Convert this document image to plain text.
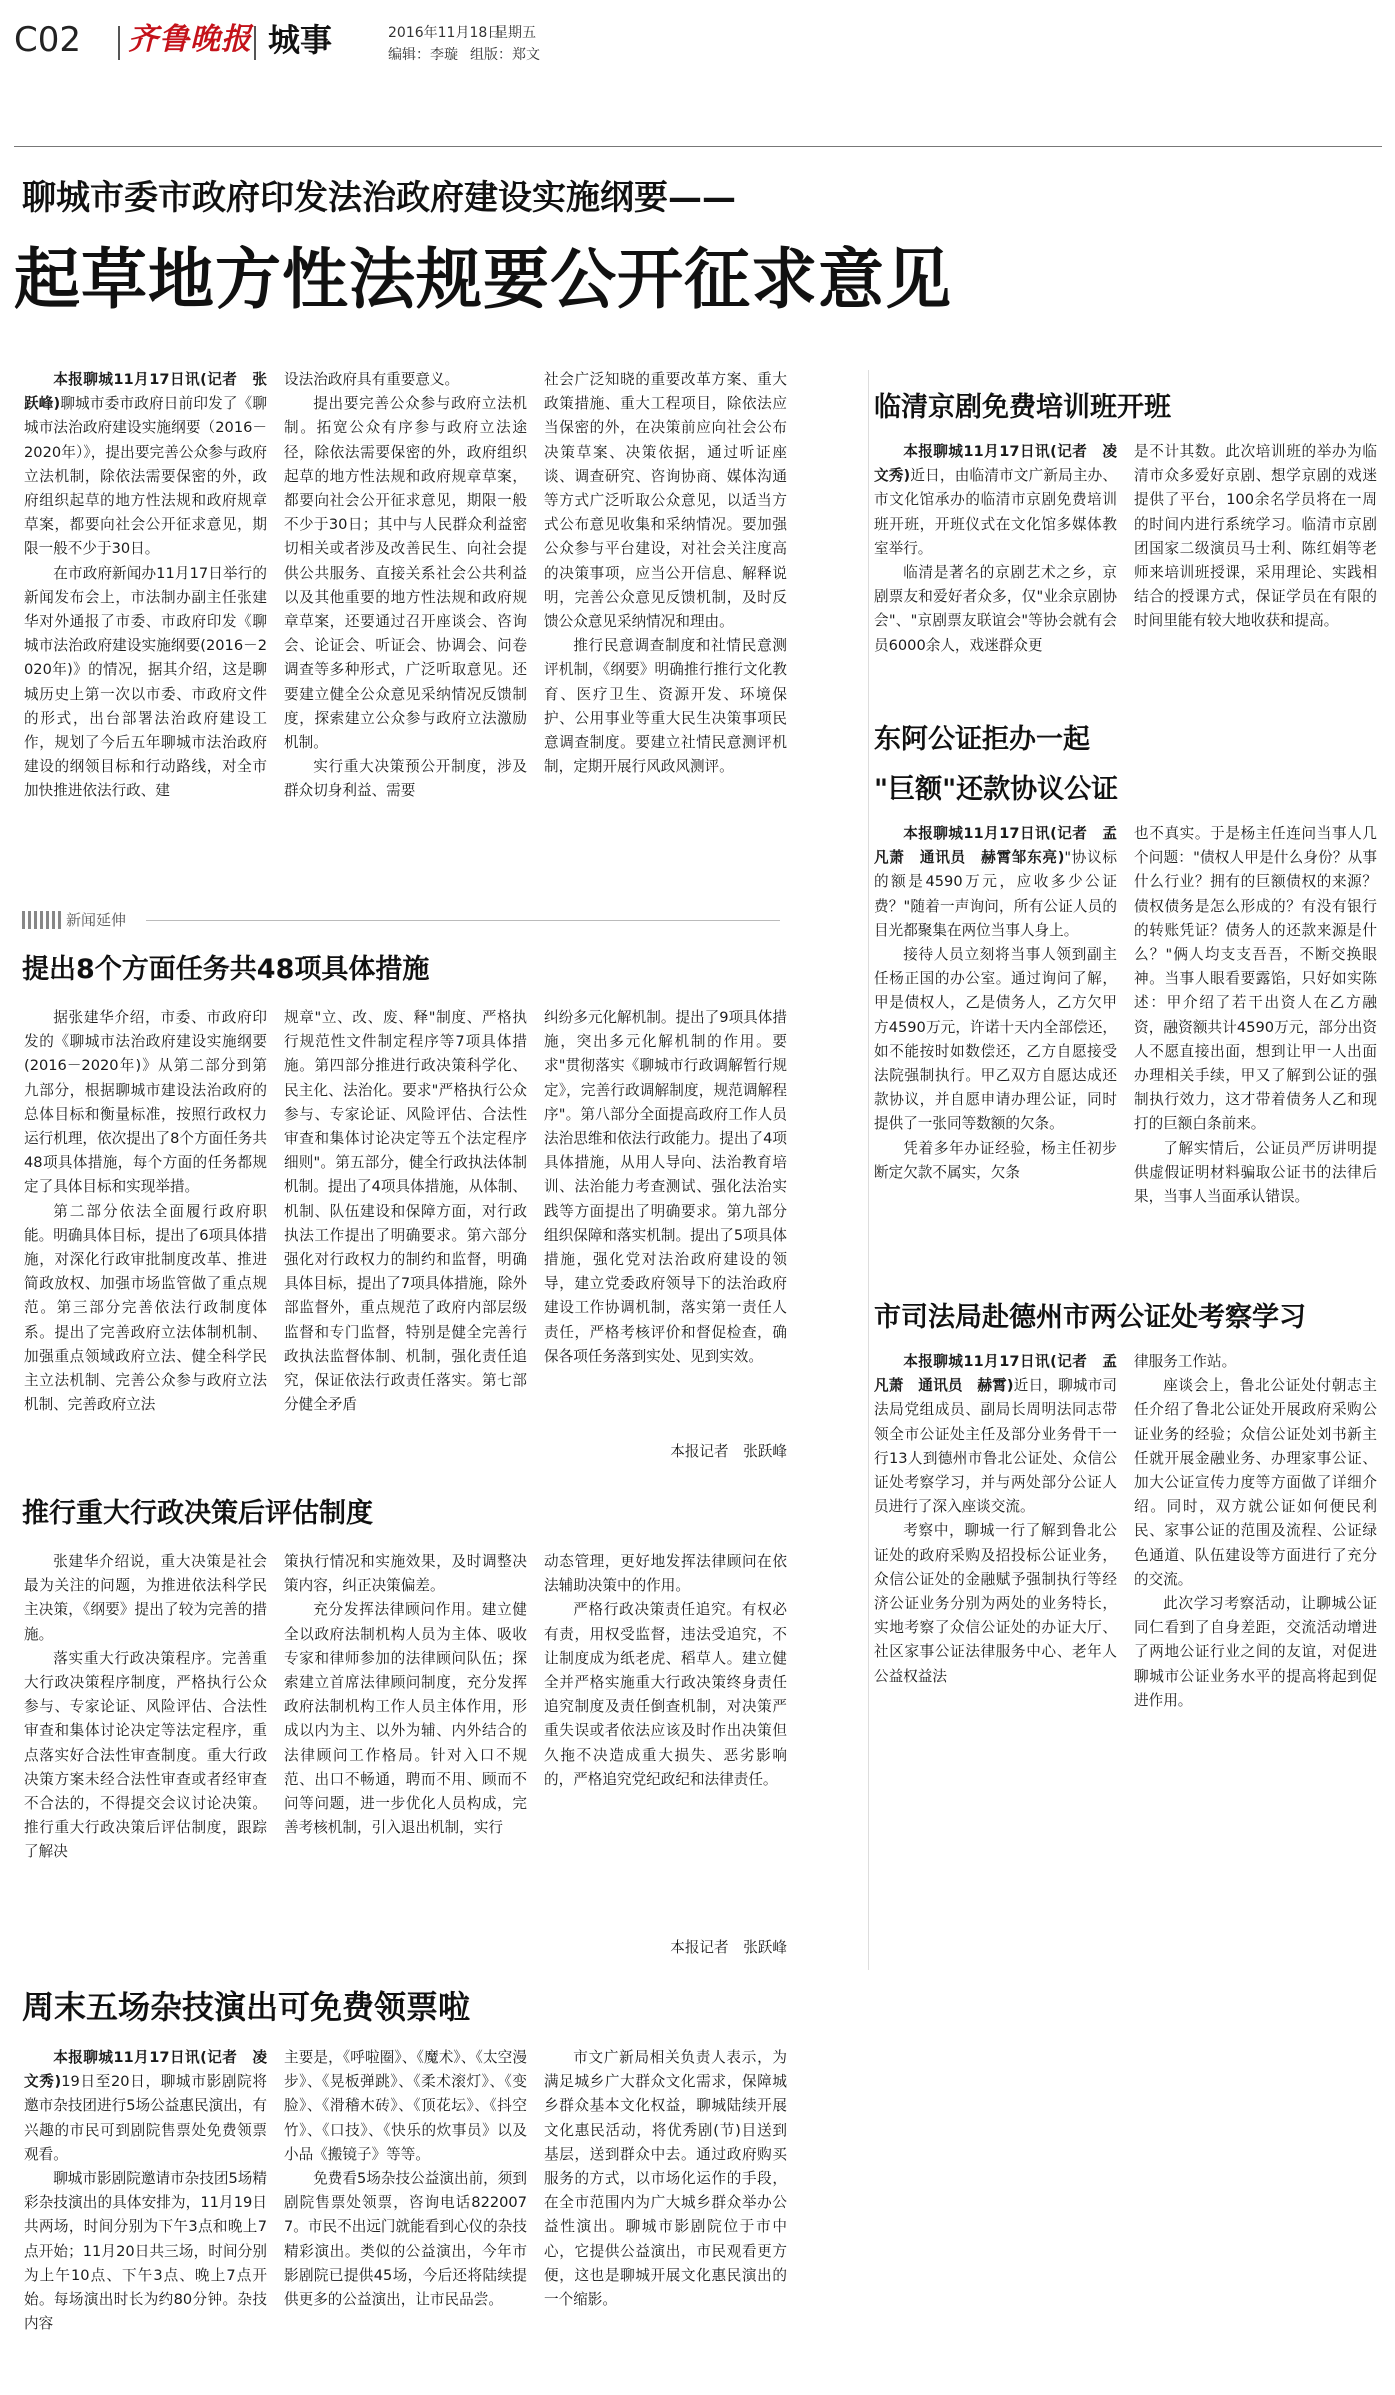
C02 齐鲁晚报 城事	2016年11月18日
星期五
编辑：李璇 组版：郑文
聊城市委市政府印发法治政府建设实施纲要——
起草地方性法规要公开征求意见

本报聊城11月17日讯(记者　张跃峰)聊城市委市政府日前印发了《聊城市法治政府建设实施纲要（2016－2020年）》，提出要完善公众参与政府立法机制，除依法需要保密的外，政府组织起草的地方性法规和政府规章草案，都要向社会公开征求意见，期限一般不少于30日。

在市政府新闻办11月17日举行的新闻发布会上，市法制办副主任张建华对外通报了市委、市政府印发《聊城市法治政府建设实施纲要(2016－2020年)》的情况，据其介绍，这是聊城历史上第一次以市委、市政府文件的形式，出台部署法治政府建设工作，规划了今后五年聊城市法治政府建设的纲领目标和行动路线，对全市加快推进依法行政、建

设法治政府具有重要意义。

提出要完善公众参与政府立法机制。拓宽公众有序参与政府立法途径，除依法需要保密的外，政府组织起草的地方性法规和政府规章草案，都要向社会公开征求意见，期限一般不少于30日；其中与人民群众利益密切相关或者涉及改善民生、向社会提供公共服务、直接关系社会公共利益以及其他重要的地方性法规和政府规章草案，还要通过召开座谈会、咨询会、论证会、听证会、协调会、问卷调查等多种形式，广泛听取意见。还要建立健全公众意见采纳情况反馈制度，探索建立公众参与政府立法激励机制。

实行重大决策预公开制度，涉及群众切身利益、需要

社会广泛知晓的重要改革方案、重大政策措施、重大工程项目，除依法应当保密的外，在决策前应向社会公布决策草案、决策依据，通过听证座谈、调查研究、咨询协商、媒体沟通等方式广泛听取公众意见，以适当方式公布意见收集和采纳情况。要加强公众参与平台建设，对社会关注度高的决策事项，应当公开信息、解释说明，完善公众意见反馈机制，及时反馈公众意见采纳情况和理由。

推行民意调查制度和社情民意测评机制，《纲要》明确推行推行文化教育、医疗卫生、资源开发、环境保护、公用事业等重大民生决策事项民意调查制度。要建立社情民意测评机制，定期开展行风政风测评。

新闻延伸
提出8个方面任务共48项具体措施

据张建华介绍，市委、市政府印发的《聊城市法治政府建设实施纲要(2016－2020年)》从第二部分到第九部分，根据聊城市建设法治政府的总体目标和衡量标准，按照行政权力运行机理，依次提出了8个方面任务共48项具体措施，每个方面的任务都规定了具体目标和实现举措。

第二部分依法全面履行政府职能。明确具体目标，提出了6项具体措施，对深化行政审批制度改革、推进简政放权、加强市场监管做了重点规范。第三部分完善依法行政制度体系。提出了完善政府立法体制机制、加强重点领域政府立法、健全科学民主立法机制、完善公众参与政府立法机制、完善政府立法

规章"立、改、废、释"制度、严格执行规范性文件制定程序等7项具体措施。第四部分推进行政决策科学化、民主化、法治化。要求"严格执行公众参与、专家论证、风险评估、合法性审查和集体讨论决定等五个法定程序细则"。第五部分，健全行政执法体制机制。提出了4项具体措施，从体制、机制、队伍建设和保障方面，对行政执法工作提出了明确要求。第六部分强化对行政权力的制约和监督，明确具体目标，提出了7项具体措施，除外部监督外，重点规范了政府内部层级监督和专门监督，特别是健全完善行政执法监督体制、机制，强化责任追究，保证依法行政责任落实。第七部分健全矛盾

纠纷多元化解机制。提出了9项具体措施，突出多元化解机制的作用。要求"贯彻落实《聊城市行政调解暂行规定》，完善行政调解制度，规范调解程序"。第八部分全面提高政府工作人员法治思维和依法行政能力。提出了4项具体措施，从用人导向、法治教育培训、法治能力考查测试、强化法治实践等方面提出了明确要求。第九部分组织保障和落实机制。提出了5项具体措施，强化党对法治政府建设的领导，建立党委政府领导下的法治政府建设工作协调机制，落实第一责任人责任，严格考核评价和督促检查，确保各项任务落到实处、见到实效。

本报记者　张跃峰
推行重大行政决策后评估制度

张建华介绍说，重大决策是社会最为关注的问题，为推进依法科学民主决策，《纲要》提出了较为完善的措施。

落实重大行政决策程序。完善重大行政决策程序制度，严格执行公众参与、专家论证、风险评估、合法性审查和集体讨论决定等法定程序，重点落实好合法性审查制度。重大行政决策方案未经合法性审查或者经审查不合法的，不得提交会议讨论决策。推行重大行政决策后评估制度，跟踪了解决

策执行情况和实施效果，及时调整决策内容，纠正决策偏差。

充分发挥法律顾问作用。建立健全以政府法制机构人员为主体、吸收专家和律师参加的法律顾问队伍；探索建立首席法律顾问制度，充分发挥政府法制机构工作人员主体作用，形成以内为主、以外为辅、内外结合的法律顾问工作格局。针对入口不规范、出口不畅通，聘而不用、顾而不问等问题，进一步优化人员构成，完善考核机制，引入退出机制，实行

动态管理，更好地发挥法律顾问在依法辅助决策中的作用。

严格行政决策责任追究。有权必有责，用权受监督，违法受追究，不让制度成为纸老虎、稻草人。建立健全并严格实施重大行政决策终身责任追究制度及责任倒查机制，对决策严重失误或者依法应该及时作出决策但久拖不决造成重大损失、恶劣影响的，严格追究党纪政纪和法律责任。

本报记者　张跃峰
周末五场杂技演出可免费领票啦

本报聊城11月17日讯(记者　凌文秀)19日至20日，聊城市影剧院将邀市杂技团进行5场公益惠民演出，有兴趣的市民可到剧院售票处免费领票观看。

聊城市影剧院邀请市杂技团5场精彩杂技演出的具体安排为，11月19日共两场，时间分别为下午3点和晚上7点开始；11月20日共三场，时间分别为上午10点、下午3点、晚上7点开始。每场演出时长为约80分钟。杂技内容

主要是，《呼啦圈》、《魔术》、《太空漫步》、《晃板弹跳》、《柔术滚灯》、《变脸》、《滑稽木砖》、《顶花坛》、《抖空竹》、《口技》、《快乐的炊事员》以及小品《搬镜子》等等。

免费看5场杂技公益演出前，须到剧院售票处领票，咨询电话8220077。市民不出远门就能看到心仪的杂技精彩演出。类似的公益演出，今年市影剧院已提供45场，今后还将陆续提供更多的公益演出，让市民品尝。

市文广新局相关负责人表示，为满足城乡广大群众文化需求，保障城乡群众基本文化权益，聊城陆续开展文化惠民活动，将优秀剧(节)目送到基层，送到群众中去。通过政府购买服务的方式，以市场化运作的手段，在全市范围内为广大城乡群众举办公益性演出。聊城市影剧院位于市中心，它提供公益演出，市民观看更方便，这也是聊城开展文化惠民演出的一个缩影。

临清京剧免费培训班开班

本报聊城11月17日讯(记者　凌文秀)近日，由临清市文广新局主办、市文化馆承办的临清市京剧免费培训班开班，开班仪式在文化馆多媒体教室举行。

临清是著名的京剧艺术之乡，京剧票友和爱好者众多，仅"业余京剧协会"、"京剧票友联谊会"等协会就有会员6000余人，戏迷群众更

是不计其数。此次培训班的举办为临清市众多爱好京剧、想学京剧的戏迷提供了平台，100余名学员将在一周的时间内进行系统学习。临清市京剧团国家二级演员马士利、陈红娟等老师来培训班授课，采用理论、实践相结合的授课方式，保证学员在有限的时间里能有较大地收获和提高。

东阿公证拒办一起
"巨额"还款协议公证

本报聊城11月17日讯(记者　孟凡萧　通讯员　赫霄邹东亮)"协议标的额是4590万元，应收多少公证费？"随着一声询问，所有公证人员的目光都聚集在两位当事人身上。

接待人员立刻将当事人领到副主任杨正国的办公室。通过询问了解，甲是债权人，乙是债务人，乙方欠甲方4590万元，许诺十天内全部偿还，如不能按时如数偿还，乙方自愿接受法院强制执行。甲乙双方自愿达成还款协议，并自愿申请办理公证，同时提供了一张同等数额的欠条。

凭着多年办证经验，杨主任初步断定欠款不属实，欠条

也不真实。于是杨主任连问当事人几个问题："债权人甲是什么身份？从事什么行业？拥有的巨额债权的来源？债权债务是怎么形成的？有没有银行的转账凭证？债务人的还款来源是什么？"俩人均支支吾吾，不断交换眼神。当事人眼看要露馅，只好如实陈述：甲介绍了若干出资人在乙方融资，融资额共计4590万元，部分出资人不愿直接出面，想到让甲一人出面办理相关手续，甲又了解到公证的强制执行效力，这才带着债务人乙和现打的巨额白条前来。

了解实情后，公证员严厉讲明提供虚假证明材料骗取公证书的法律后果，当事人当面承认错误。

市司法局赴德州市两公证处考察学习

本报聊城11月17日讯(记者　孟凡萧　通讯员　赫霄)近日，聊城市司法局党组成员、副局长周明法同志带领全市公证处主任及部分业务骨干一行13人到德州市鲁北公证处、众信公证处考察学习，并与两处部分公证人员进行了深入座谈交流。

考察中，聊城一行了解到鲁北公证处的政府采购及招投标公证业务，众信公证处的金融赋予强制执行等经济公证业务分别为两处的业务特长，实地考察了众信公证处的办证大厅、社区家事公证法律服务中心、老年人公益权益法

律服务工作站。

座谈会上，鲁北公证处付朝志主任介绍了鲁北公证处开展政府采购公证业务的经验；众信公证处刘书新主任就开展金融业务、办理家事公证、加大公证宣传力度等方面做了详细介绍。同时，双方就公证如何便民利民、家事公证的范围及流程、公证绿色通道、队伍建设等方面进行了充分的交流。

此次学习考察活动，让聊城公证同仁看到了自身差距，交流活动增进了两地公证行业之间的友谊，对促进聊城市公证业务水平的提高将起到促进作用。
